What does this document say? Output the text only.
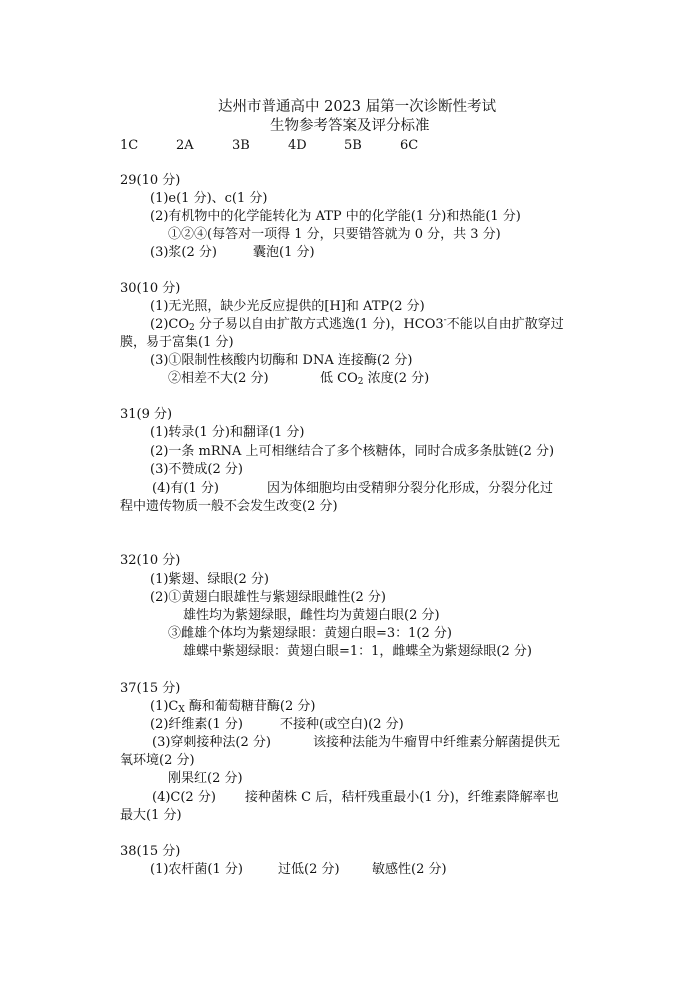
达州市普通高中 2023 届第一次诊断性考试
生物参考答案及评分标准
1C	2A	3B	4D	5B	6C
29(10 分)
(1)e(1 分)、c(1 分)
(2)有机物中的化学能转化为 ATP 中的化学能(1 分)和热能(1 分)
①②④(每答对一项得 1 分，只要错答就为 0 分，共 3 分)
(3)浆(2 分)	囊泡(1 分)
30(10 分)
(1)无光照，缺少光反应提供的[H]和 ATP(2 分)
$(2)CO_2$ 分子易以自由扩散方式逃逸(1 分)，HCO3-不能以自由扩散穿过
膜，易于富集(1 分)
(3)①限制性核酸内切酶和 DNA 连接酶(2 分)
②相差不大(2 分)	低 $CO_2$ 浓度(2 分)
31(9 分)
(1)转录(1 分)和翻译(1 分)
(2)一条 mRNA 上可相继结合了多个核糖体，同时合成多条肽链(2 分)
(3)不赞成(2 分)
(4)有(1 分)	因为体细胞均由受精卵分裂分化形成，分裂分化过
程中遗传物质一般不会发生改变(2 分)
32(10 分)
(1)紫翅、绿眼(2 分)
(2)①黄翅白眼雄性与紫翅绿眼雌性(2 分)
雄性均为紫翅绿眼，雌性均为黄翅白眼(2 分)
③雌雄个体均为紫翅绿眼：黄翅白眼=3：1(2 分)
雄蝶中紫翅绿眼：黄翅白眼=1：1，雌蝶全为紫翅绿眼(2 分)
37(15 分)
$(1)C_X$ 酶和葡萄糖苷酶(2 分)
(2)纤维素(1 分)	不接种(或空白)(2 分)
(3)穿刺接种法(2 分)	该接种法能为牛瘤胃中纤维素分解菌提供无
氧环境(2 分)
刚果红(2 分)
(4)C(2 分) 接种菌株 C 后，秸杆残重最小(1 分)，纤维素降解率也
最大(1 分)
38(15 分)
(1)农杆菌(1 分)	过低(2 分) 敏感性(2 分)
